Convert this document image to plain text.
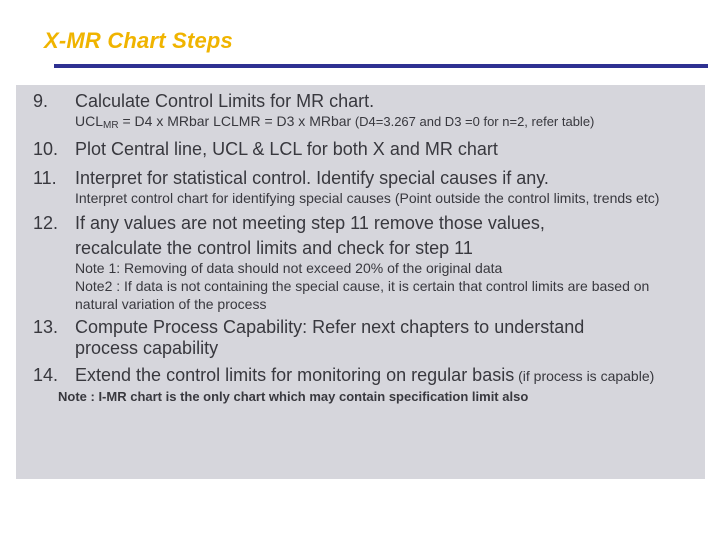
X-MR Chart Steps
9.	Calculate Control Limits for MR chart.
$UCL_{MR} = D4$ x MRbar LCLMR = D3 x MRbar (D4=3.267 and D3 =0 for n=2, refer table)
10. Plot Central line, UCL & LCL for both X and MR chart
11.	Interpret for statistical control. Identify special causes if any.
Interpret control chart for identifying special causes (Point outside the control limits, trends etc)
12. If any values are not meeting step 11 remove those values,
recalculate the control limits and check for step 11
Note 1: Removing of data should not exceed 20% of the original data
Note2 : If data is not containing the special cause, it is certain that control limits are based on natural variation of the process
13. Compute Process Capability: Refer next chapters to understand process capability
14. Extend the control limits for monitoring on regular basis (if process is capable)
Note : I-MR chart is the only chart which may contain specification limit also
